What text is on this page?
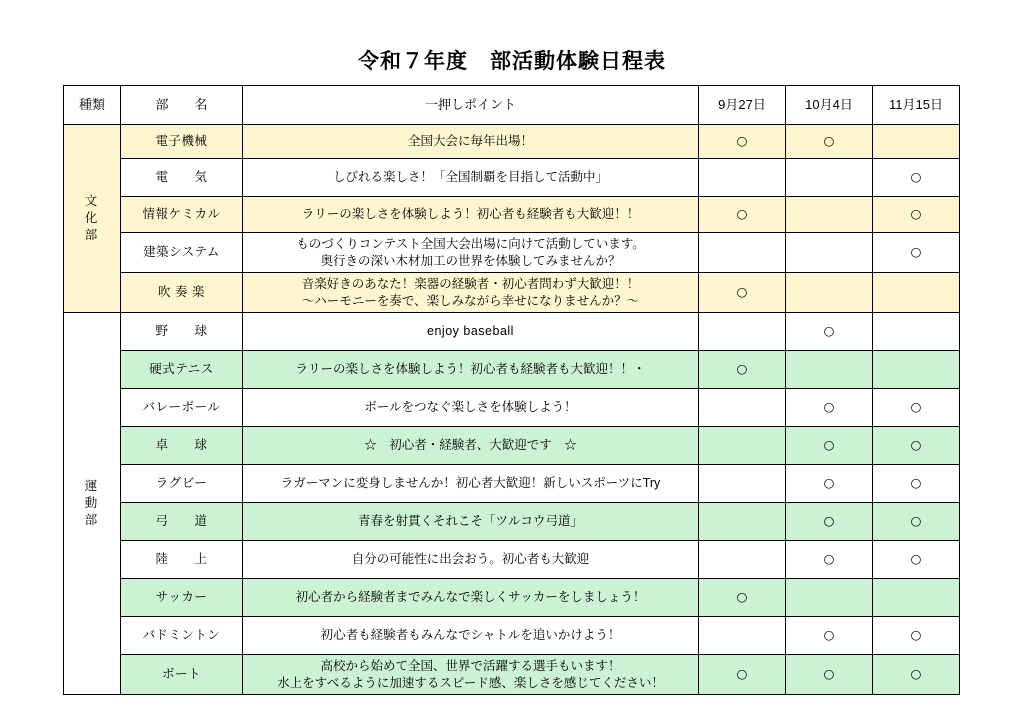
令和７年度　部活動体験日程表
種類	部　　名	一押しポイント	9月27日	10月4日	11月15日

文
化
部	電子機械	全国大会に毎年出場！	○	○	
	電　　気	しびれる楽しさ！「全国制覇を目指して活動中」			○
	情報ケミカル	ラリーの楽しさを体験しよう！初心者も経験者も大歓迎！！	○		○
	建築システム	ものづくりコンテスト全国大会出場に向けて活動しています。
奥行きの深い木材加工の世界を体験してみませんか？			○
	吹 奏 楽	音楽好きのあなた！楽器の経験者・初心者問わず大歓迎！！
〜ハーモニーを奏で、楽しみながら幸せになりませんか？〜	○		

運
動
部	野　　球	enjoy baseball		○	
	硬式テニス	ラリーの楽しさを体験しよう！初心者も経験者も大歓迎！！・	○		
	バレーボール	ボールをつなぐ楽しさを体験しよう！		○	○
	卓　　球	☆　初心者・経験者、大歓迎です　☆		○	○
	ラグビー	ラガーマンに変身しませんか！初心者大歓迎！新しいスポーツにTry		○	○
	弓　　道	青春を射貫くそれこそ「ツルコウ弓道」		○	○
	陸　　上	自分の可能性に出会おう。初心者も大歓迎		○	○
	サッカー	初心者から経験者までみんなで楽しくサッカーをしましょう！	○		
	バドミントン	初心者も経験者もみんなでシャトルを追いかけよう！		○	○
	ボート	高校から始めて全国、世界で活躍する選手もいます！
水上をすべるように加速するスピード感、楽しさを感じてください！	○	○	○
